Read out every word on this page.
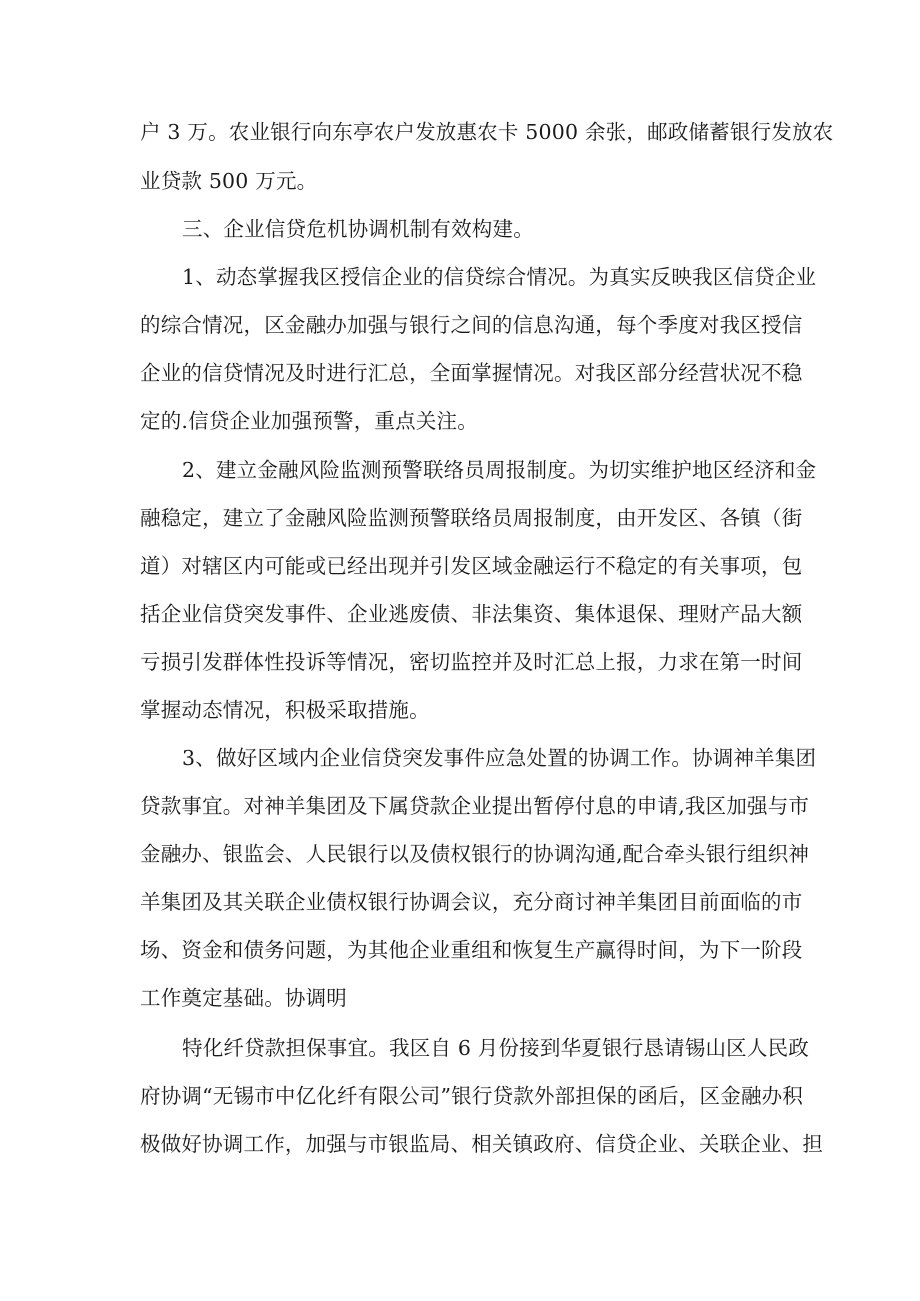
户 3 万。农业银行向东亭农户发放惠农卡 5000 余张，邮政储蓄银行发放农
业贷款 500 万元。
三、企业信贷危机协调机制有效构建。
1、动态掌握我区授信企业的信贷综合情况。为真实反映我区信贷企业
的综合情况，区金融办加强与银行之间的信息沟通，每个季度对我区授信
企业的信贷情况及时进行汇总，全面掌握情况。对我区部分经营状况不稳
定的.信贷企业加强预警，重点关注。
2、建立金融风险监测预警联络员周报制度。为切实维护地区经济和金
融稳定，建立了金融风险监测预警联络员周报制度，由开发区、各镇（街
道）对辖区内可能或已经出现并引发区域金融运行不稳定的有关事项，包
括企业信贷突发事件、企业逃废债、非法集资、集体退保、理财产品大额
亏损引发群体性投诉等情况，密切监控并及时汇总上报，力求在第一时间
掌握动态情况，积极采取措施。
3、做好区域内企业信贷突发事件应急处置的协调工作。协调神羊集团
贷款事宜。对神羊集团及下属贷款企业提出暂停付息的申请,我区加强与市
金融办、银监会、人民银行以及债权银行的协调沟通,配合牵头银行组织神
羊集团及其关联企业债权银行协调会议，充分商讨神羊集团目前面临的市
场、资金和债务问题，为其他企业重组和恢复生产赢得时间，为下一阶段
工作奠定基础。协调明
特化纤贷款担保事宜。我区自 6 月份接到华夏银行恳请锡山区人民政
府协调“无锡市中亿化纤有限公司”银行贷款外部担保的函后，区金融办积
极做好协调工作，加强与市银监局、相关镇政府、信贷企业、关联企业、担
